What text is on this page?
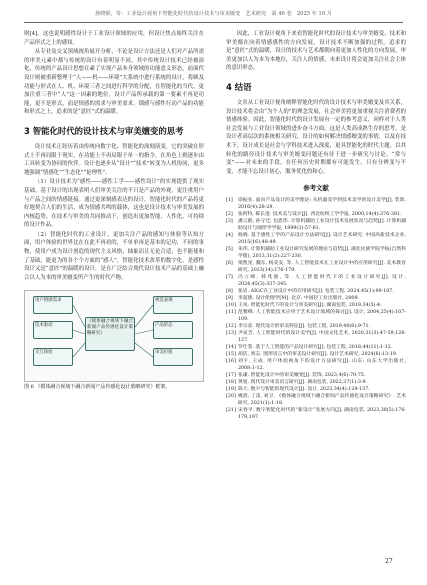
孙晓娟，等：工业设计视角下智能化时代的设计技术与审美嬗变　艺术研究　第 46 卷　2025 年 10 月

则[4]。这也说明感性设计于工业设计领域的应用，但设计焦点始终关注在产品形式之上的感知。

从专业及交叉领域视角展开分析，不论是设计方法还是人们对产品所需的审美元素中都与传统的设计有着明显不同。其中传统设计技术已经被演化，传统的产品设计思想在素了实现产品本身领域的功能意义形态，前面代设计则被重新整理于“人——机——环境”大系统中进行系统的设计，将顾及功能与形式在人、机、环境三者之间进行科学的分配，在智能化的当代，更加注重三者中“人”这一因素的地位。设计产品所承载的第一要素不再是功能，更不是形式，而是情感的需求与审美需求，锁感与感性行动产品的功能和形式之上，追求的是“意匠”式的温暖。

3 智能化时代的设计技术与审美嬗变的思考

设计技术正经历着由传统向数字化、智能化的深刻演变，它的突破在形式上不再局限于现实，在功能上不再局限于单一的指令，在角色上则逐步由工具转变为协同的伙伴。设计也逐步从“设计”“技术”转变为人机协同，更多地强调“情感化”“生态化”“伦理性”。

（1）设计技术为“感性——感性工学——感性设计”的实现提供了现实基础。基于设计的出现表明人们审美关注的不只是产品的外观，更注重用户与产品之间的情感链接。通过更深刻感表达的设计，智能化时代的产品将更好地契合人们的生活，成为情感共鸣的载体，这也是设计技术与审美发展的内核趋势，在技术与审美的共同推动下，创造出更加智能、人性化、可持续的设计作品。

（2）智能化时代的工业设计，更加关注产品的感知与体验等认知方面，用户体验的世界比在在此不再看的，不单单再是基本的记功，不同的事物，使用户成为设计创造的现代主义风格，抽象而且无论合适，也不能使和了基础，能更为的各个个方面的“感人”，智能化技术改革的数字化，是感性设计又是“意匠”的温暖的设计，是在广泛结合现代设计技术产品的基础上融合以人为本的审美嬗变所产生的时代产物。

用户情感需求
技术驱动
交互体验
《模体融合视域下融合新闻产品传感化设计策略研究》
视觉表现
产品形态
审美价值
图 6 《模体融合视域下融合新闻产品传感化设计策略研究》框架。

因此，工业设计视角下来看智能化时代的设计技术与审美嬗变，技术和审美都在向着情感感性的方向发展，设计技术不断加强的过程，追求的是“意匠”式的温暖，设计的技术与艺术都朝向着更加人性化的方向发展，审美更加以人为本为本地位，关注人的情感，未来设计将会更加关注社会主体的意识形态。

4 结语

文章从工业设计视角阐释智能化时代的设计技术与审美嬗变及其关系，设计技术将会由“为个人的”的理念发展，社会审美将更加重视关注消费者的情感体验。因此，智能化时代的设计发展有一定的参考意义，同样对于人类社会发展与工业设计领域的进步奋斗方面，这是人类高成熟生存的思考，是设计者高层次的系统相关研究。设计的如何解决情感嬗变的事情，以及在技术下，设计成长是社会与学科技术进入深度、更具智能化的时代主题。以其转化的路径设计技术与审美嬗变问题还有待于进一步研究与讨论，“常与变”——对未来的手段，在任何历史时期都有可能发生。只有分辨变与不变，才能不忘设计初心，服务优化的和心。

参考文献
[1]	徐振亚. 面向产品设计的美学理论: 从机器美学到技术美学的设计美学[J]. 装饰, 2016(4):28-29.
[2]	张阿特, 陈长进. 技术美与设计[J]. 西北纺织工学学报, 2000,14(4):376-381.
[3]	潘云鹤, 孙守迁, 包恩伟. 计算机辅助工业设计技术发展状况与趋势[J]. 计算机辅助设计与图形学学报, 1999(3):57-61.
[4]	杨晓. 基于感性工学的产品设计方法研究[J]. 设计艺术研究, 中国高新技术企业, 2015(16):48-49.
[5]	朱伟. 计算机辅助工业设计研究发展的理论与趋势[J]. 湖北民族学院学报(自然科学版), 2013,31(2):227-230.
[6]	梁凯星, 魏东, 杨美安, 等. 人工智能技术在工业设计中的应用研究[J]. 美术教育研究, 2023(14):176-179.
[7]	冯立峰, 韩兆强, 等. 人工智能时代下的工业设计研究[J]. 设计, 2024,45(3):337-345.
[8]	张岩. AIGC在工业设计中的应用研究[J]. 包装工程, 2024,45(1):99-107.
[9]	李超德. 设计伦理学[M]. 北京: 中国轻工业出版社, 2009.
[10] 王凤. 智能化时代下的设计与审美研究[J]. 湖南包装, 2019,34(5):4.
[11] 范雅峰. 人工智能技术应用于艺术设计领域的探讨[J]. 设计, 2004,25(4):107-109.
[12] 李宗彦. 现代设计的审美特征[J]. 包装工程, 2019,40(6):9-71.
[13] 尹寅芳, 人工智能时代的设计美学[J]. 中国文化艺术, 2020,31(3):47-59,126-127.
[14] 罗仕鉴. 基于人工智能的产品设计研究[J]. 包装工程, 2018,44(11):1-12.
[15] 胡洁, 周志. 图形语言中的审美设计研究[J]. 设计艺术研究, 2024(6):13-19.
[16] 刘宇, 王成. 用户体验视角下的设计方法研究[J]. 山东: 山东大学出版社, 2008:1-12.
[17] 张谦. 智能化设计中的审美嬗变[J]. 装饰, 2023,4(6):70-75.
[18] 黄旭. 现代设计审美语言研究[J]. 湖南包装, 2022,37(1):3-9.
[19] 陈大. 数字与智能的现代设计[J]. 设计, 2023,34(4):129-137.
[20] 姚晨, 丁雷, 刘卫. 《模体融合视域下融合新闻产品传感化设计策略研究》. 艺术研究, 2021(1):1-18.
[21] 宋春平. 数字智能化时代的“新设计”发展方向[J]. 湖南包装, 2023,38(5):176-179,197.
27
